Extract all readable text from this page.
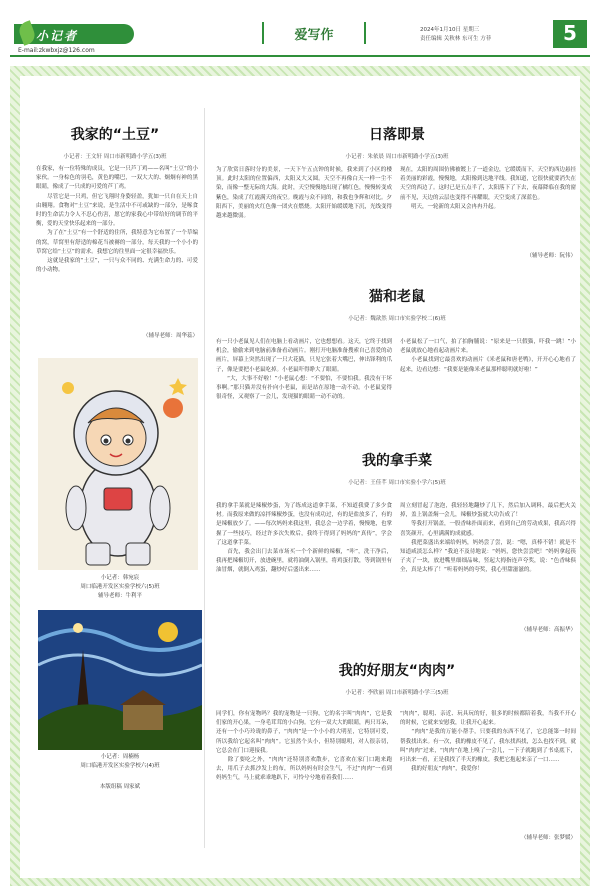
小记者
E-mail:zkwbxjz@126.com
爱写作	2024年1月10日 星期三
责任编辑 关秋林 东可生 方菲	5
我家的“土豆”
小记者：王文轩 周口市新明路小学五(3)班
在我家，有一位特殊的成员，它是一只芦丁鸡——名叫“土豆”的小家伙。一身棕色的羽毛，黄色的嘴巴，一双大大的、炯炯有神的黑眼睛，像成了一只成的可爱的芦丁鸡。
　　尽管它是一只鸡，但它飞翔时身姿轻盈，犹如一只自在天上自由翱翔。食物对“土豆”来说，是生活中不可或缺的一部分，是啄食时的生命活力令人不忍心伤害，愿它的家我心中带给好的调节的平衡，爱的天堂快乐起来的一部分。
　　为了在“土豆”有一个舒适的住所，我特意为它布置了一个草编的窝，草窝里有舒适的棉花当被褥的一部分，每天我的一个小小的草窝它给“土豆”的需求。我想它的往里面一定很幸福快乐。
　　这就是我家的“土豆”，一只与众不同的、充满生命力的、可爱的小动物。
（辅导老师：周华蕊）
小记者：韩宛宸
周口临港开发区实验学校六(5)班
辅导老师：牛利平
小记者：周楠杨
周口临港开发区实验学校六(4)班
本版组稿 周家斌
日落即景
小记者：朱依晨 周口市新明路小学五(3)班
为了欣赏日落时分的美景，一天下午五点钟的时候，我来到了小区的楼顶。此时太阳的位置偏西，太阳又大又圆。天空不再像白天一样一尘不染，而像一整无际的大海。此时，天空慢慢地出现了橘红色，慢慢转变成紫色，染成了红霞满天的夜空。晚霞与众不同的，和我也争辉和对比。夕阳西下，美丽的火红色像一团火在燃烧。太阳开始缓缓地下沉，光线变得越来越微弱。
现在，太阳的周围仿佛被镀上了一道金边，它缓缓而下，天空的西边悬挂着美丽的彩霞，慢慢地，太阳像到达地平线。我知道，它很快就要消失在天空的西边了。这时已是五点半了，太阳落下了下去，夜幕降临在我的窗前不见，天边的云层也变得不再耀眼，天空变成了深蓝色。
　　明天，一轮新的太阳又会冉冉升起。
（辅导老师：阮伟）
猫和老鼠
小记者：魏歆然 周口市实验学校二(6)班
有一只小老鼠见人们在电脑上看动画片，它也想想看。这天，它终于找到机会，偷偷来到电脑前准备看动画片。刚打开电脑准备搜索自己喜爱的动画片，屏幕上突然出现了一只大花猫，只见它张着大嘴巴，伸出锋利的爪子，像是要把小老鼠吃掉。小老鼠吓得睁大了眼睛。
　　“大，大事不好啦！”小老鼠心想：“不要怕，不要怕我。我没有干坏事啊。”那只猫并没有扑向小老鼠，而是站在原地一动不动。小老鼠觉得很奇怪，又观察了一会儿，发现猫的眼睛一动不动的。
小老鼠松了一口气，拍了拍胸脯说：“原来是一只假猫，吓我一跳！”小老鼠就放心地看起动画片来。
　　小老鼠找到它最喜欢的动画片《米老鼠和唐老鸭》，开开心心地看了起来，边看边想：“我要是能像米老鼠那样聪明就好啦！”
我的拿手菜
小记者：王佳芊 周口市实验小学六(5)班
我的拿手菜就是辣椒炒蛋，为了练成这道拿手菜，不知道我费了多少食材。而我原来做的凉拌辣椒炒蛋，也没有成功过，有的是盐放多了，有的是辣椒放少了。——每次妈妈来我这里，我总会一边学着，慢慢地，也掌握了一些技巧，经过许多次失败后，我终于得到了妈妈的“真传”，学会了这道拿手菜。
　　首先，我会出门去菜市场买一个个新鲜的辣椒，“咔”，洗干净后，我再把辣椒切开，放进碗里，就将油倒入锅里，将鸡蛋打散，等到锅里有油冒烟，就倒入鸡蛋，翻炒好后盛出来……
周立刻冒起了泡泡，我轻轻地翻炒了几下，然后加入调料，最后把火关掉，盖上锅盖焖一会儿，辣椒炒蛋就大功告成了！
　　等我打开锅盖，一股香味扑面而来，看到自己的劳动成果，我高兴得喜笑颜开，心里满满的成就感。
　　我把菜盛出来端给妈妈，妈妈尝了尝，说：“嗯，真棒不错！就是不知道咸淡怎么样？”我迫不及待地说：“妈妈，您快尝尝吧！”妈妈拿起筷子夹了一块，放进嘴里细细品味，竖起大拇指连声夸奖，说：“色香味俱全，真是太棒了！”听着妈妈的夸奖，我心里甜滋滋的。
（辅导老师：高振华）
我的好朋友“肉肉”
小记者：李欣丽 周口市新明路小学三(5)班
同学们，你有宠物吗？我的宠物是一只狗，它的名字叫“肉肉”，它是我们家的开心果，一身毛茸茸的小白狗。它有一双大大的眼睛，两只耳朵，还有一个小巧玲珑的鼻子，“肉肉”是一个小小的大明星，它特别可爱，所以我给它起名叫“肉肉”。它虽然个头小，但特别聪明，对人很亲切，它总会在门口迎接我。
　　除了要吃之外，“肉肉”还特别喜欢散步，它喜欢在家门口跑来跑去，用爪子去抓沙发上的布，所以妈妈有时会生气，不过“肉肉”一看到妈妈生气，马上就乖乖地趴下，可怜兮兮地看着我们……
“肉肉”，聪明、亲近、玩具玩的好，很多的时候都陪着我，当我不开心的时候，它就来安慰我，让我开心起来。
　　“肉肉”是我的万能小帮手，只要我的东西不见了，它总能第一时间帮我找出来。有一次，我的橡皮不见了，我东找西找，怎么也找不到，就叫“肉肉”过来，“肉肉”在地上嗅了一会儿，一下子就跑到了书桌底下，叼出来一看，正是我找了半天的橡皮，我把它抱起来亲了一口……
　　我的好朋友“肉肉”，我爱你！
（辅导老师：张梦媛）
